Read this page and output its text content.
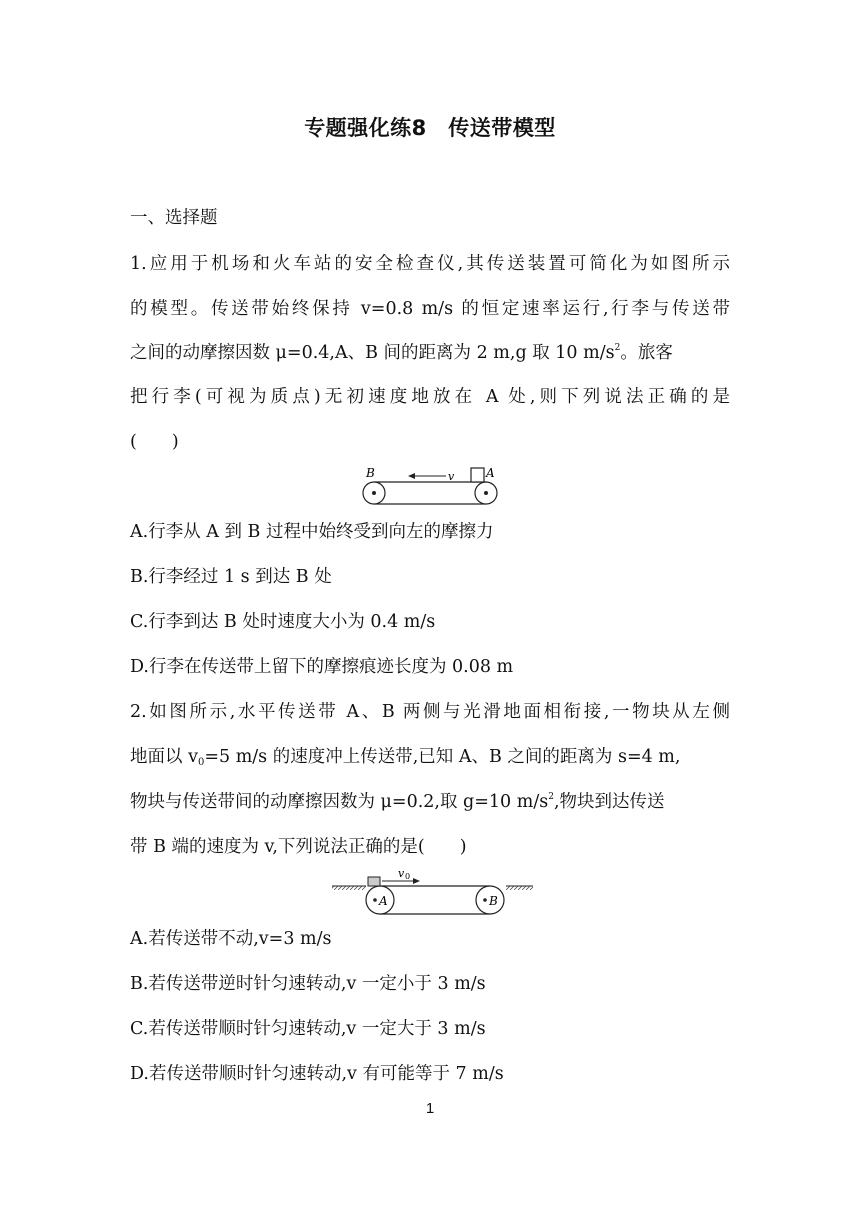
专题强化练8　传送带模型
一、选择题
1.应用于机场和火车站的安全检查仪,其传送装置可简化为如图所示
的模型。传送带始终保持 v=0.8 m/s 的恒定速率运行,行李与传送带
之间的动摩擦因数 μ=0.4,A、B 间的距离为 2 m,g 取 10 $m/s^2$。旅客
把行李(可视为质点)无初速度地放在 A 处,则下列说法正确的是
(　　)
B	A
v
A.行李从 A 到 B 过程中始终受到向左的摩擦力
B.行李经过 1 s 到达 B 处
C.行李到达 B 处时速度大小为 0.4 m/s
D.行李在传送带上留下的摩擦痕迹长度为 0.08 m
2.如图所示,水平传送带 A、B 两侧与光滑地面相衔接,一物块从左侧
地面以 $v_0=5$ m/s 的速度冲上传送带,已知 A、B 之间的距离为 s=4 m,
物块与传送带间的动摩擦因数为 μ=0.2,取 g=10 $m/s^2$,物块到达传送
带 B 端的速度为 v,下列说法正确的是(　　)
v 0
A	B
A.若传送带不动,v=3 m/s
B.若传送带逆时针匀速转动,v 一定小于 3 m/s
C.若传送带顺时针匀速转动,v 一定大于 3 m/s
D.若传送带顺时针匀速转动,v 有可能等于 7 m/s
1
